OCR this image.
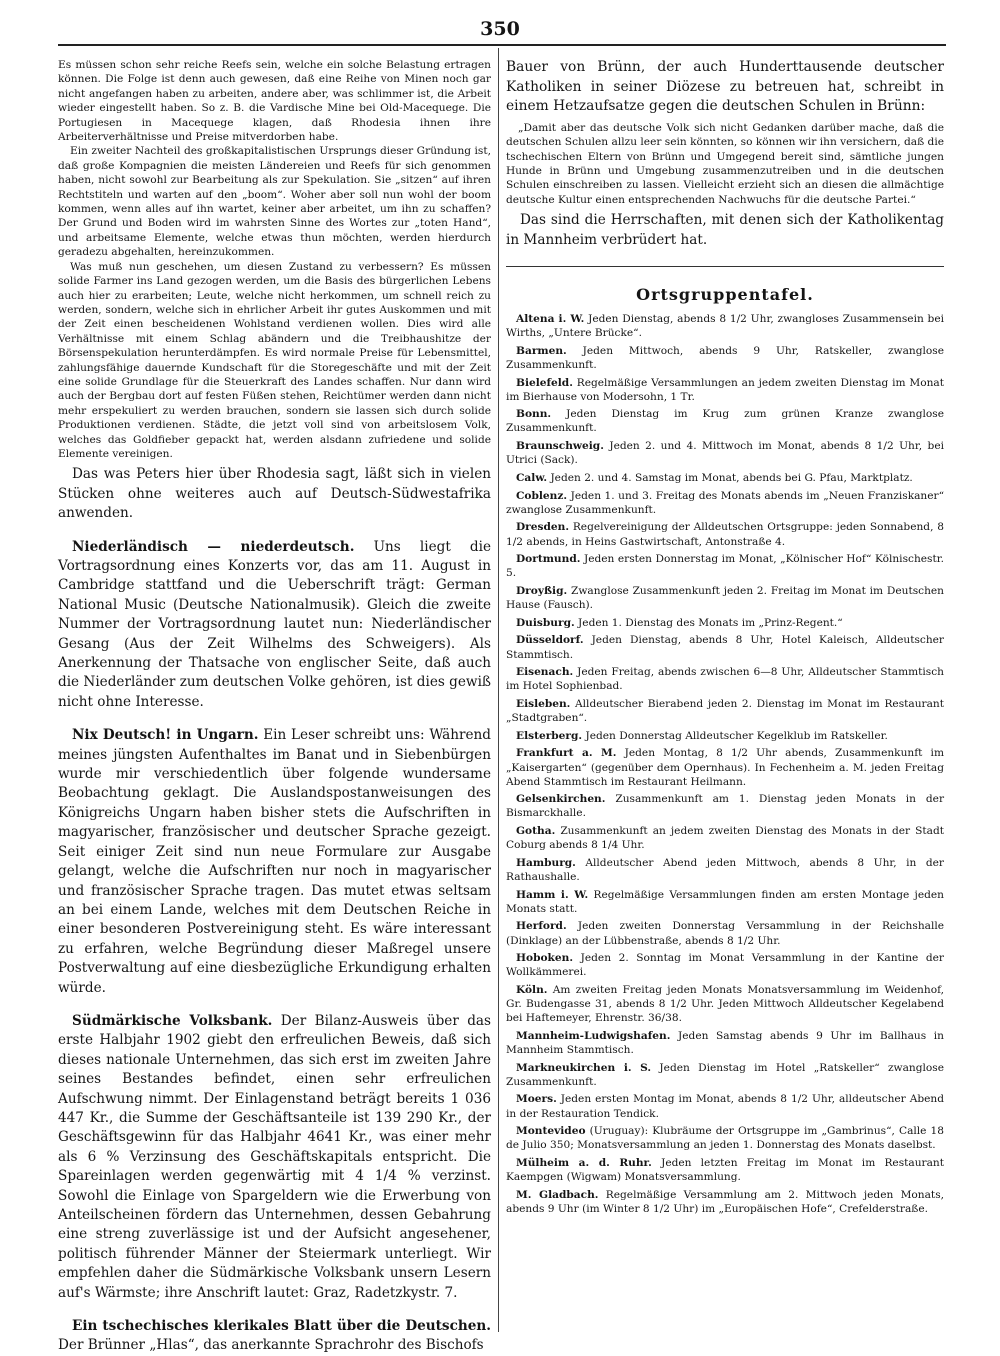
350

Es müssen schon sehr reiche Reefs sein, welche ein solche Belastung ertragen können. Die Folge ist denn auch gewesen, daß eine Reihe von Minen noch gar nicht angefangen haben zu arbeiten, andere aber, was schlimmer ist, die Arbeit wieder eingestellt haben. So z. B. die Vardische Mine bei Old-Macequege. Die Portugiesen in Macequege klagen, daß Rhodesia ihnen ihre Arbeiterverhältnisse und Preise mitverdorben habe.

Ein zweiter Nachteil des großkapitalistischen Ursprungs dieser Gründung ist, daß große Kompagnien die meisten Ländereien und Reefs für sich genommen haben, nicht sowohl zur Bearbeitung als zur Spekulation. Sie „sitzen“ auf ihren Rechtstiteln und warten auf den „boom“. Woher aber soll nun wohl der boom kommen, wenn alles auf ihn wartet, keiner aber arbeitet, um ihn zu schaffen? Der Grund und Boden wird im wahrsten Sinne des Wortes zur „toten Hand“, und arbeitsame Elemente, welche etwas thun möchten, werden hierdurch geradezu abgehalten, hereinzukommen.

Was muß nun geschehen, um diesen Zustand zu verbessern? Es müssen solide Farmer ins Land gezogen werden, um die Basis des bürgerlichen Lebens auch hier zu erarbeiten; Leute, welche nicht herkommen, um schnell reich zu werden, sondern, welche sich in ehrlicher Arbeit ihr gutes Auskommen und mit der Zeit einen bescheidenen Wohlstand verdienen wollen. Dies wird alle Verhältnisse mit einem Schlag abändern und die Treibhaushitze der Börsenspekulation herunterdämpfen. Es wird normale Preise für Lebensmittel, zahlungsfähige dauernde Kundschaft für die Storegeschäfte und mit der Zeit eine solide Grundlage für die Steuerkraft des Landes schaffen. Nur dann wird auch der Bergbau dort auf festen Füßen stehen, Reichtümer werden dann nicht mehr erspekuliert zu werden brauchen, sondern sie lassen sich durch solide Produktionen verdienen. Städte, die jetzt voll sind von arbeitslosem Volk, welches das Goldfieber gepackt hat, werden alsdann zufriedene und solide Elemente vereinigen.

Das was Peters hier über Rhodesia sagt, läßt sich in vielen Stücken ohne weiteres auch auf Deutsch-Südwestafrika anwenden.

Niederländisch — niederdeutsch. Uns liegt die Vortragsordnung eines Konzerts vor, das am 11. August in Cambridge stattfand und die Ueberschrift trägt: German National Music (Deutsche Nationalmusik). Gleich die zweite Nummer der Vortragsordnung lautet nun: Niederländischer Gesang (Aus der Zeit Wilhelms des Schweigers). Als Anerkennung der Thatsache von englischer Seite, daß auch die Niederländer zum deutschen Volke gehören, ist dies gewiß nicht ohne Interesse.

Nix Deutsch! in Ungarn. Ein Leser schreibt uns: Während meines jüngsten Aufenthaltes im Banat und in Siebenbürgen wurde mir verschiedentlich über folgende wundersame Beobachtung geklagt. Die Auslandspostanweisungen des Königreichs Ungarn haben bisher stets die Aufschriften in magyarischer, französischer und deutscher Sprache gezeigt. Seit einiger Zeit sind nun neue Formulare zur Ausgabe gelangt, welche die Aufschriften nur noch in magyarischer und französischer Sprache tragen. Das mutet etwas seltsam an bei einem Lande, welches mit dem Deutschen Reiche in einer besonderen Postvereinigung steht. Es wäre interessant zu erfahren, welche Begründung dieser Maßregel unsere Postverwaltung auf eine diesbezügliche Erkundigung erhalten würde.

Südmärkische Volksbank. Der Bilanz-Ausweis über das erste Halbjahr 1902 giebt den erfreulichen Beweis, daß sich dieses nationale Unternehmen, das sich erst im zweiten Jahre seines Bestandes befindet, einen sehr erfreulichen Aufschwung nimmt. Der Einlagenstand beträgt bereits 1 036 447 Kr., die Summe der Geschäftsanteile ist 139 290 Kr., der Geschäftsgewinn für das Halbjahr 4641 Kr., was einer mehr als 6 % Verzinsung des Geschäftskapitals entspricht. Die Spareinlagen werden gegenwärtig mit 4 1/4 % verzinst. Sowohl die Einlage von Spargeldern wie die Erwerbung von Anteilscheinen fördern das Unternehmen, dessen Gebahrung eine streng zuverlässige ist und der Aufsicht angesehener, politisch führender Männer der Steiermark unterliegt. Wir empfehlen daher die Südmärkische Volksbank unsern Lesern auf's Wärmste; ihre Anschrift lautet: Graz, Radetzkystr. 7.

Ein tschechisches klerikales Blatt über die Deutschen. Der Brünner „Hlas“, das anerkannte Sprachrohr des Bischofs

Bauer von Brünn, der auch Hunderttausende deutscher Katholiken in seiner Diözese zu betreuen hat, schreibt in einem Hetzaufsatze gegen die deutschen Schulen in Brünn:

„Damit aber das deutsche Volk sich nicht Gedanken darüber mache, daß die deutschen Schulen allzu leer sein könnten, so können wir ihn versichern, daß die tschechischen Eltern von Brünn und Umgegend bereit sind, sämtliche jungen Hunde in Brünn und Umgebung zusammenzutreiben und in die deutschen Schulen einschreiben zu lassen. Vielleicht erzieht sich an diesen die allmächtige deutsche Kultur einen entsprechenden Nachwuchs für die deutsche Partei.“

Das sind die Herrschaften, mit denen sich der Katholikentag in Mannheim verbrüdert hat.

Ortsgruppentafel.

Altena i. W. Jeden Dienstag, abends 8 1/2 Uhr, zwangloses Zusammensein bei Wirths, „Untere Brücke“.

Barmen. Jeden Mittwoch, abends 9 Uhr, Ratskeller, zwanglose Zusammenkunft.

Bielefeld. Regelmäßige Versammlungen an jedem zweiten Dienstag im Monat im Bierhause von Modersohn, 1 Tr.

Bonn. Jeden Dienstag im Krug zum grünen Kranze zwanglose Zusammenkunft.

Braunschweig. Jeden 2. und 4. Mittwoch im Monat, abends 8 1/2 Uhr, bei Utrici (Sack).

Calw. Jeden 2. und 4. Samstag im Monat, abends bei G. Pfau, Marktplatz.

Coblenz. Jeden 1. und 3. Freitag des Monats abends im „Neuen Franziskaner“ zwanglose Zusammenkunft.

Dresden. Regelvereinigung der Alldeutschen Ortsgruppe: jeden Sonnabend, 8 1/2 abends, in Heins Gastwirtschaft, Antonstraße 4.

Dortmund. Jeden ersten Donnerstag im Monat, „Kölnischer Hof“ Kölnischestr. 5.

Droyßig. Zwanglose Zusammenkunft jeden 2. Freitag im Monat im Deutschen Hause (Fausch).

Duisburg. Jeden 1. Dienstag des Monats im „Prinz-Regent.“

Düsseldorf. Jeden Dienstag, abends 8 Uhr, Hotel Kaleisch, Alldeutscher Stammtisch.

Eisenach. Jeden Freitag, abends zwischen 6—8 Uhr, Alldeutscher Stammtisch im Hotel Sophienbad.

Eisleben. Alldeutscher Bierabend jeden 2. Dienstag im Monat im Restaurant „Stadtgraben“.

Elsterberg. Jeden Donnerstag Alldeutscher Kegelklub im Ratskeller.

Frankfurt a. M. Jeden Montag, 8 1/2 Uhr abends, Zusammenkunft im „Kaisergarten“ (gegenüber dem Opernhaus). In Fechenheim a. M. jeden Freitag Abend Stammtisch im Restaurant Heilmann.

Gelsenkirchen. Zusammenkunft am 1. Dienstag jeden Monats in der Bismarckhalle.

Gotha. Zusammenkunft an jedem zweiten Dienstag des Monats in der Stadt Coburg abends 8 1/4 Uhr.

Hamburg. Alldeutscher Abend jeden Mittwoch, abends 8 Uhr, in der Rathaushalle.

Hamm i. W. Regelmäßige Versammlungen finden am ersten Montage jeden Monats statt.

Herford. Jeden zweiten Donnerstag Versammlung in der Reichshalle (Dinklage) an der Lübbenstraße, abends 8 1/2 Uhr.

Hoboken. Jeden 2. Sonntag im Monat Versammlung in der Kantine der Wollkämmerei.

Köln. Am zweiten Freitag jeden Monats Monatsversammlung im Weidenhof, Gr. Budengasse 31, abends 8 1/2 Uhr. Jeden Mittwoch Alldeutscher Kegelabend bei Haftemeyer, Ehrenstr. 36/38.

Mannheim-Ludwigshafen. Jeden Samstag abends 9 Uhr im Ballhaus in Mannheim Stammtisch.

Markneukirchen i. S. Jeden Dienstag im Hotel „Ratskeller“ zwanglose Zusammenkunft.

Moers. Jeden ersten Montag im Monat, abends 8 1/2 Uhr, alldeutscher Abend in der Restauration Tendick.

Montevideo (Uruguay): Klubräume der Ortsgruppe im „Gambrinus“, Calle 18 de Julio 350; Monatsversammlung an jeden 1. Donnerstag des Monats daselbst.

Mülheim a. d. Ruhr. Jeden letzten Freitag im Monat im Restaurant Kaempgen (Wigwam) Monatsversammlung.

M. Gladbach. Regelmäßige Versammlung am 2. Mittwoch jeden Monats, abends 9 Uhr (im Winter 8 1/2 Uhr) im „Europäischen Hofe“, Crefelderstraße.
